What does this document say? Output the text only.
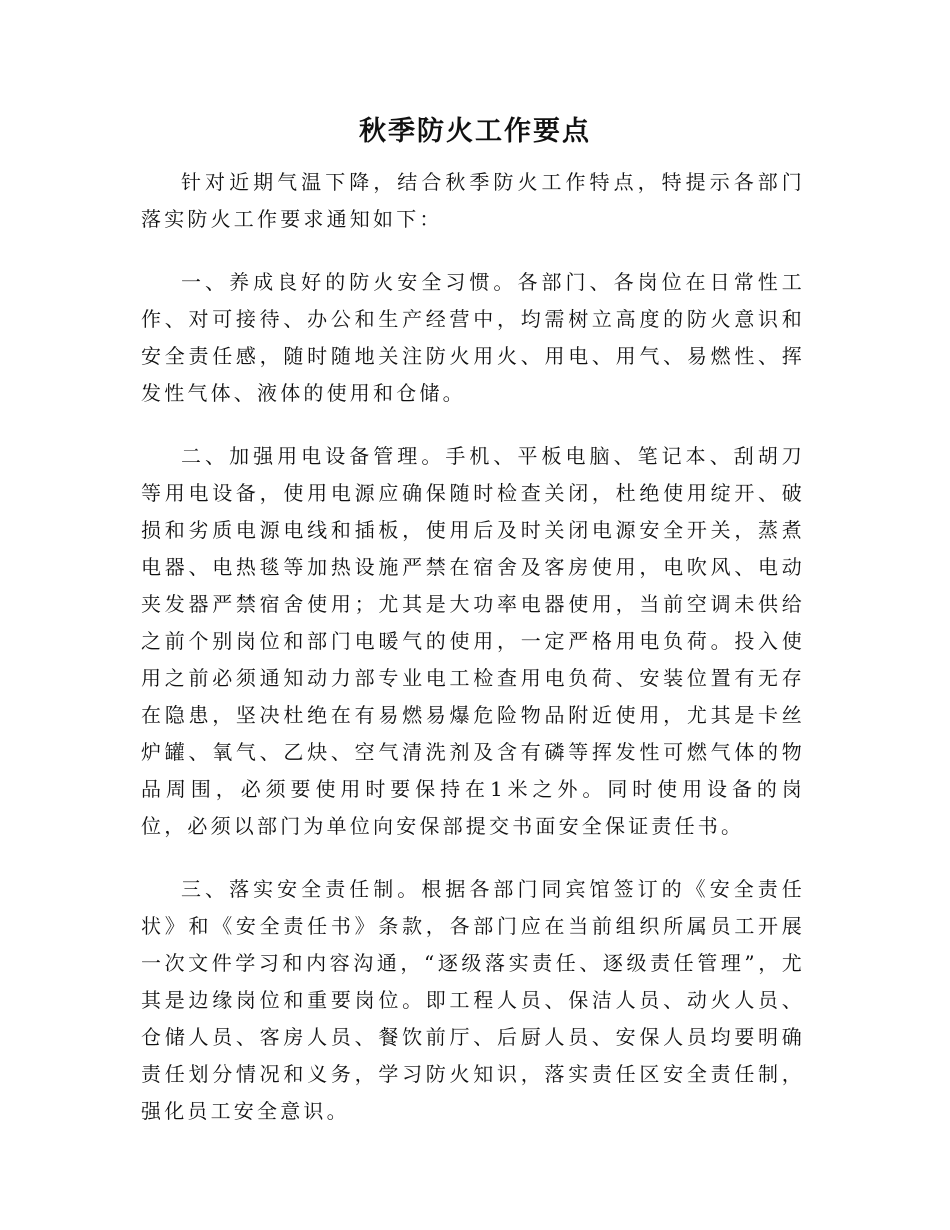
秋季防火工作要点

针对近期气温下降，结合秋季防火工作特点，特提示各部门落实防火工作要求通知如下：

一、养成良好的防火安全习惯。各部门、各岗位在日常性工作、对可接待、办公和生产经营中，均需树立高度的防火意识和安全责任感，随时随地关注防火用火、用电、用气、易燃性、挥发性气体、液体的使用和仓储。

二、加强用电设备管理。手机、平板电脑、笔记本、刮胡刀等用电设备，使用电源应确保随时检查关闭，杜绝使用绽开、破损和劣质电源电线和插板，使用后及时关闭电源安全开关，蒸煮电器、电热毯等加热设施严禁在宿舍及客房使用，电吹风、电动夹发器严禁宿舍使用；尤其是大功率电器使用，当前空调未供给之前个别岗位和部门电暖气的使用，一定严格用电负荷。投入使用之前必须通知动力部专业电工检查用电负荷、安装位置有无存在隐患，坚决杜绝在有易燃易爆危险物品附近使用，尤其是卡丝炉罐、氧气、乙炔、空气清洗剂及含有磷等挥发性可燃气体的物品周围，必须要使用时要保持在1米之外。同时使用设备的岗位，必须以部门为单位向安保部提交书面安全保证责任书。

三、落实安全责任制。根据各部门同宾馆签订的《安全责任状》和《安全责任书》条款，各部门应在当前组织所属员工开展一次文件学习和内容沟通，“逐级落实责任、逐级责任管理”，尤其是边缘岗位和重要岗位。即工程人员、保洁人员、动火人员、仓储人员、客房人员、餐饮前厅、后厨人员、安保人员均要明确责任划分情况和义务，学习防火知识，落实责任区安全责任制，强化员工安全意识。
